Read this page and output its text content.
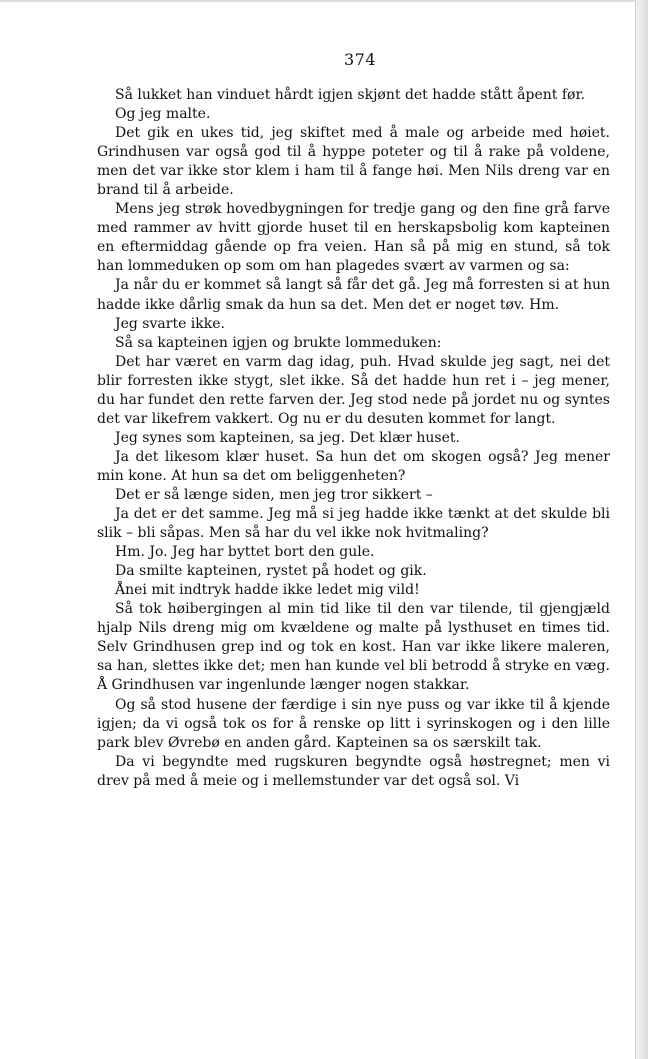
374

Så lukket han vinduet hårdt igjen skjønt det hadde stått åpent før.

Og jeg malte.

Det gik en ukes tid, jeg skiftet med å male og arbeide med høiet. Grindhusen var også god til å hyppe poteter og til å rake på voldene, men det var ikke stor klem i ham til å fange høi. Men Nils dreng var en brand til å arbeide.

Mens jeg strøk hovedbygningen for tredje gang og den fine grå farve med rammer av hvitt gjorde huset til en herskapsbolig kom kapteinen en eftermiddag gående op fra veien. Han så på mig en stund, så tok han lommeduken op som om han plagedes svært av varmen og sa:

Ja når du er kommet så langt så får det gå. Jeg må forresten si at hun hadde ikke dårlig smak da hun sa det. Men det er noget tøv. Hm.

Jeg svarte ikke.

Så sa kapteinen igjen og brukte lommeduken:

Det har været en varm dag idag, puh. Hvad skulde jeg sagt, nei det blir forresten ikke stygt, slet ikke. Så det hadde hun ret i – jeg mener, du har fundet den rette farven der. Jeg stod nede på jordet nu og syntes det var likefrem vakkert. Og nu er du desuten kommet for langt.

Jeg synes som kapteinen, sa jeg. Det klær huset.

Ja det likesom klær huset. Sa hun det om skogen også? Jeg mener min kone. At hun sa det om beliggenheten?

Det er så længe siden, men jeg tror sikkert –

Ja det er det samme. Jeg må si jeg hadde ikke tænkt at det skulde bli slik – bli såpas. Men så har du vel ikke nok hvitmaling?

Hm. Jo. Jeg har byttet bort den gule.

Da smilte kapteinen, rystet på hodet og gik.

Ånei mit indtryk hadde ikke ledet mig vild!

Så tok høibergingen al min tid like til den var tilende, til gjengjæld hjalp Nils dreng mig om kvældene og malte på lysthuset en times tid. Selv Grindhusen grep ind og tok en kost. Han var ikke likere maleren, sa han, slettes ikke det; men han kunde vel bli betrodd å stryke en væg. Å Grindhusen var ingenlunde længer nogen stakkar.

Og så stod husene der færdige i sin nye puss og var ikke til å kjende igjen; da vi også tok os for å renske op litt i syrinskogen og i den lille park blev Øvrebø en anden gård. Kapteinen sa os særskilt tak.

Da vi begyndte med rugskuren begyndte også høstregnet; men vi drev på med å meie og i mellemstunder var det også sol. Vi
